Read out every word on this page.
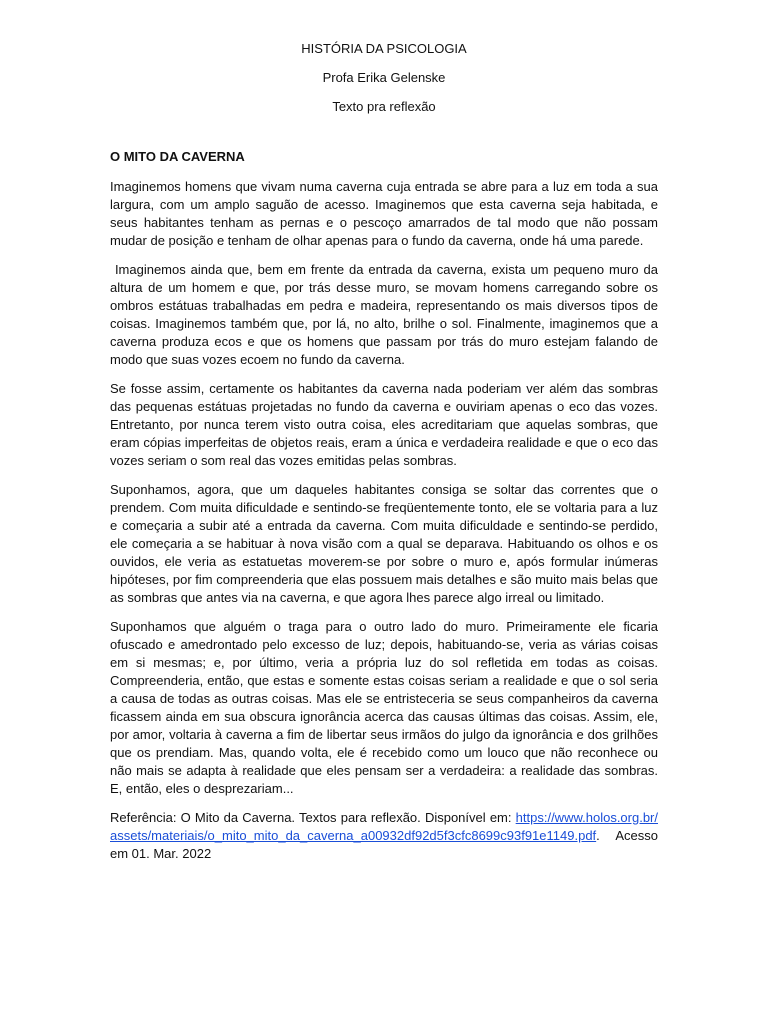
HISTÓRIA DA PSICOLOGIA

Profa Erika Gelenske

Texto pra reflexão

O MITO DA CAVERNA

Imaginemos homens que vivam numa caverna cuja entrada se abre para a luz em toda a sua largura, com um amplo saguão de acesso. Imaginemos que esta caverna seja habitada, e seus habitantes tenham as pernas e o pescoço amarrados de tal modo que não possam mudar de posição e tenham de olhar apenas para o fundo da caverna, onde há uma parede.

Imaginemos ainda que, bem em frente da entrada da caverna, exista um pequeno muro da altura de um homem e que, por trás desse muro, se movam homens carregando sobre os ombros estátuas trabalhadas em pedra e madeira, representando os mais diversos tipos de coisas. Imaginemos também que, por lá, no alto, brilhe o sol. Finalmente, imaginemos que a caverna produza ecos e que os homens que passam por trás do muro estejam falando de modo que suas vozes ecoem no fundo da caverna.

Se fosse assim, certamente os habitantes da caverna nada poderiam ver além das sombras das pequenas estátuas projetadas no fundo da caverna e ouviriam apenas o eco das vozes. Entretanto, por nunca terem visto outra coisa, eles acreditariam que aquelas sombras, que eram cópias imperfeitas de objetos reais, eram a única e verdadeira realidade e que o eco das vozes seriam o som real das vozes emitidas pelas sombras.

Suponhamos, agora, que um daqueles habitantes consiga se soltar das correntes que o prendem. Com muita dificuldade e sentindo-se freqüentemente tonto, ele se voltaria para a luz e começaria a subir até a entrada da caverna. Com muita dificuldade e sentindo-se perdido, ele começaria a se habituar à nova visão com a qual se deparava. Habituando os olhos e os ouvidos, ele veria as estatuetas moverem-se por sobre o muro e, após formular inúmeras hipóteses, por fim compreenderia que elas possuem mais detalhes e são muito mais belas que as sombras que antes via na caverna, e que agora lhes parece algo irreal ou limitado.

Suponhamos que alguém o traga para o outro lado do muro. Primeiramente ele ficaria ofuscado e amedrontado pelo excesso de luz; depois, habituando-se, veria as várias coisas em si mesmas; e, por último, veria a própria luz do sol refletida em todas as coisas. Compreenderia, então, que estas e somente estas coisas seriam a realidade e que o sol seria a causa de todas as outras coisas. Mas ele se entristeceria se seus companheiros da caverna ficassem ainda em sua obscura ignorância acerca das causas últimas das coisas. Assim, ele, por amor, voltaria à caverna a fim de libertar seus irmãos do julgo da ignorância e dos grilhões que os prendiam. Mas, quando volta, ele é recebido como um louco que não reconhece ou não mais se adapta à realidade que eles pensam ser a verdadeira: a realidade das sombras. E, então, eles o desprezariam...

Referência: O Mito da Caverna. Textos para reflexão. Disponível em: https://www.holos.org.br/assets/materiais/o_mito_mito_da_caverna_a00932df92d5f3cfc8699c93f91e1149.pdf. Acesso em 01. Mar. 2022
